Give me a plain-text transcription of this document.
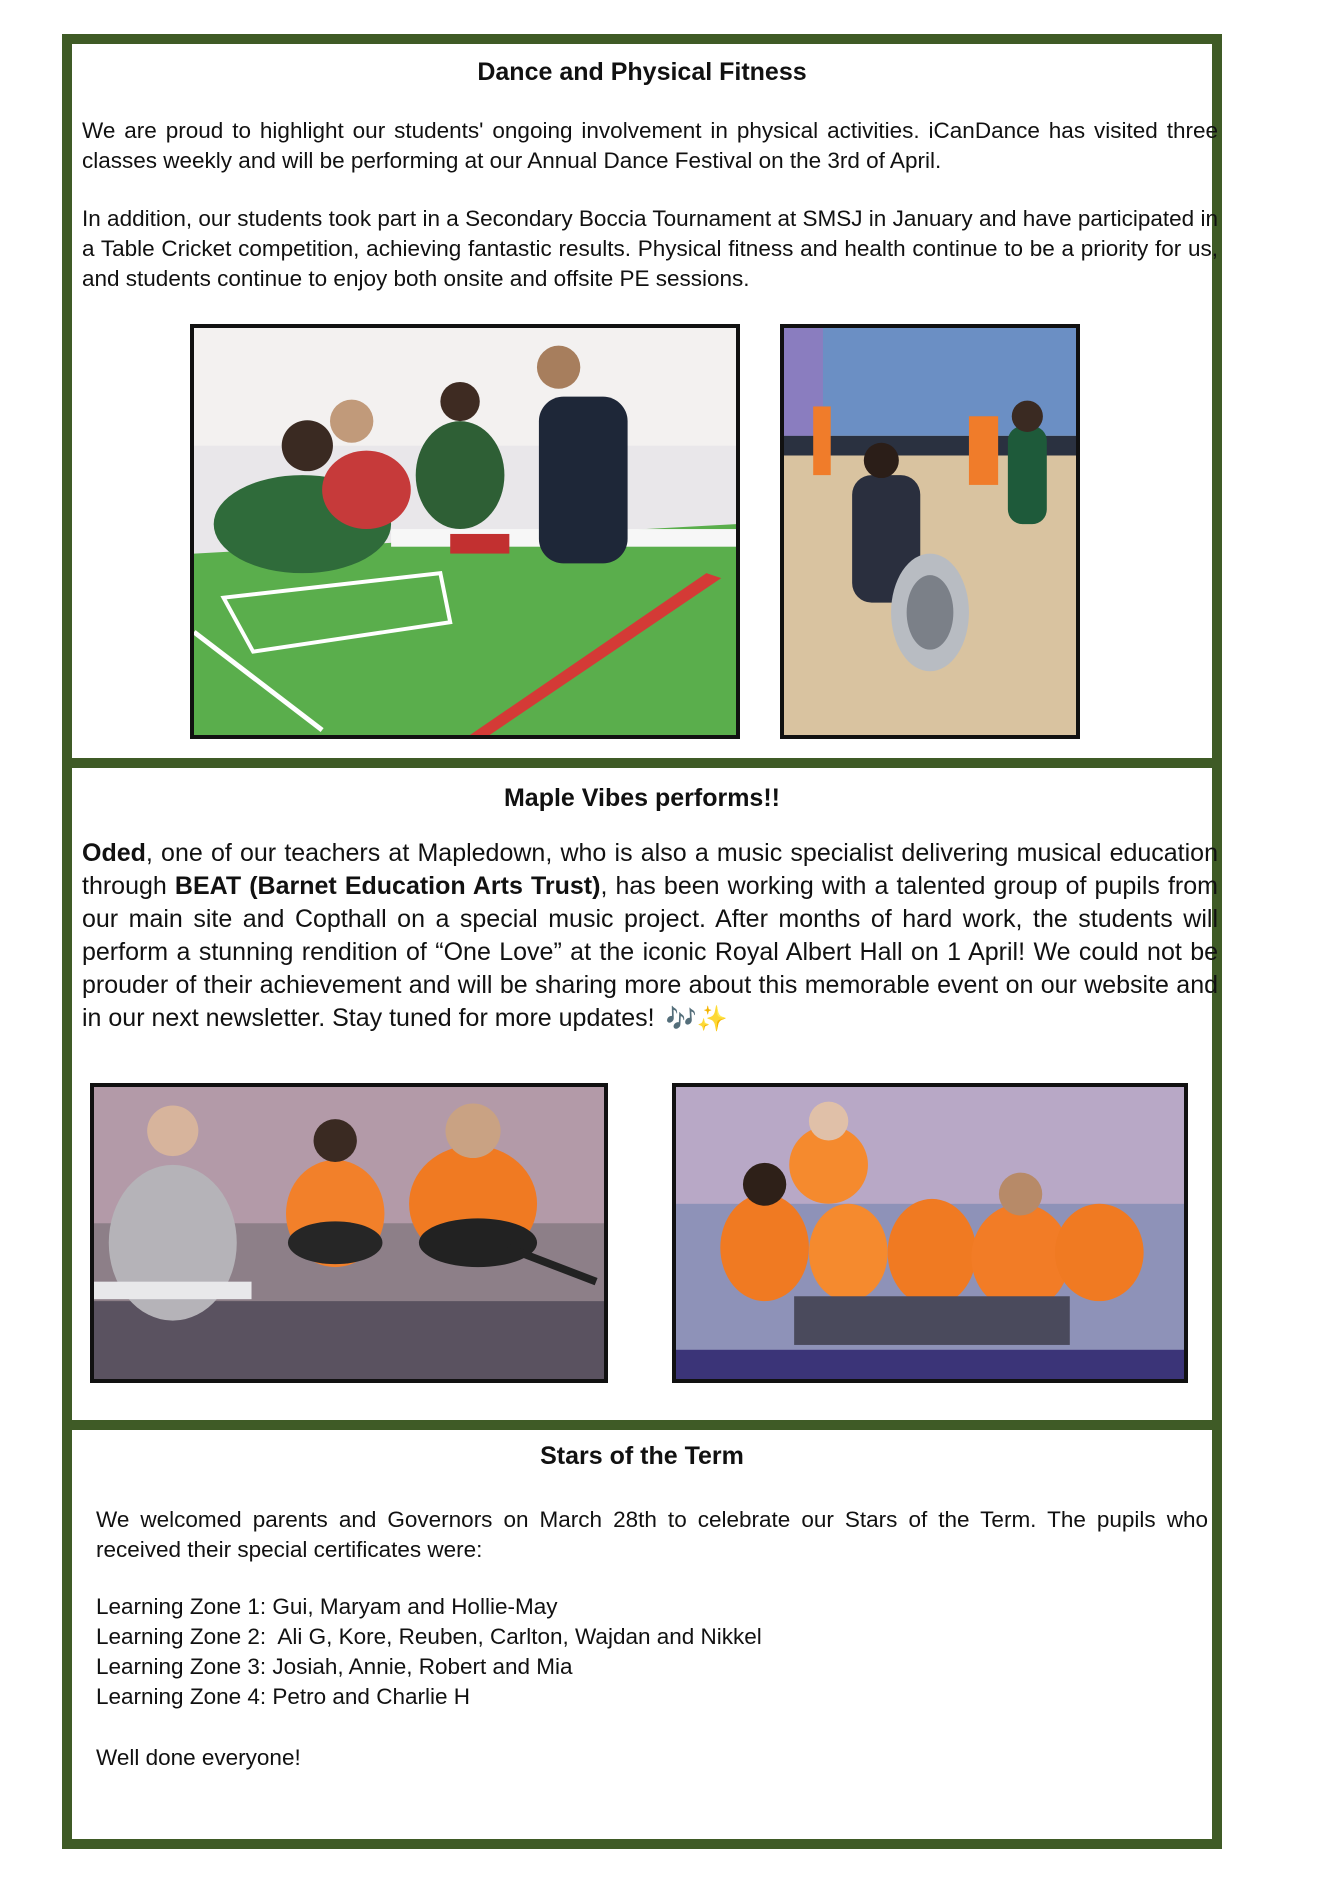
Dance and Physical Fitness

We are proud to highlight our students' ongoing involvement in physical activities. iCanDance has visited three classes weekly and will be performing at our Annual Dance Festival on the 3rd of April.

In addition, our students took part in a Secondary Boccia Tournament at SMSJ in January and have participated in a Table Cricket competition, achieving fantastic results. Physical fitness and health continue to be a priority for us, and students continue to enjoy both onsite and offsite PE sessions.

Maple Vibes performs!!

Oded, one of our teachers at Mapledown, who is also a music specialist delivering musical education through BEAT (Barnet Education Arts Trust), has been working with a talented group of pupils from our main site and Copthall on a special music project. After months of hard work, the students will perform a stunning rendition of “One Love” at the iconic Royal Albert Hall on 1 April! We could not be prouder of their achievement and will be sharing more about this memorable event on our website and in our next newsletter. Stay tuned for more updates! 🎶✨

Stars of the Term

We welcomed parents and Governors on March 28th to celebrate our Stars of the Term. The pupils who received their special certificates were:

Learning Zone 1: Gui, Maryam and Hollie-May
Learning Zone 2:  Ali G, Kore, Reuben, Carlton, Wajdan and Nikkel
Learning Zone 3: Josiah, Annie, Robert and Mia
Learning Zone 4: Petro and Charlie H
Well done everyone!
